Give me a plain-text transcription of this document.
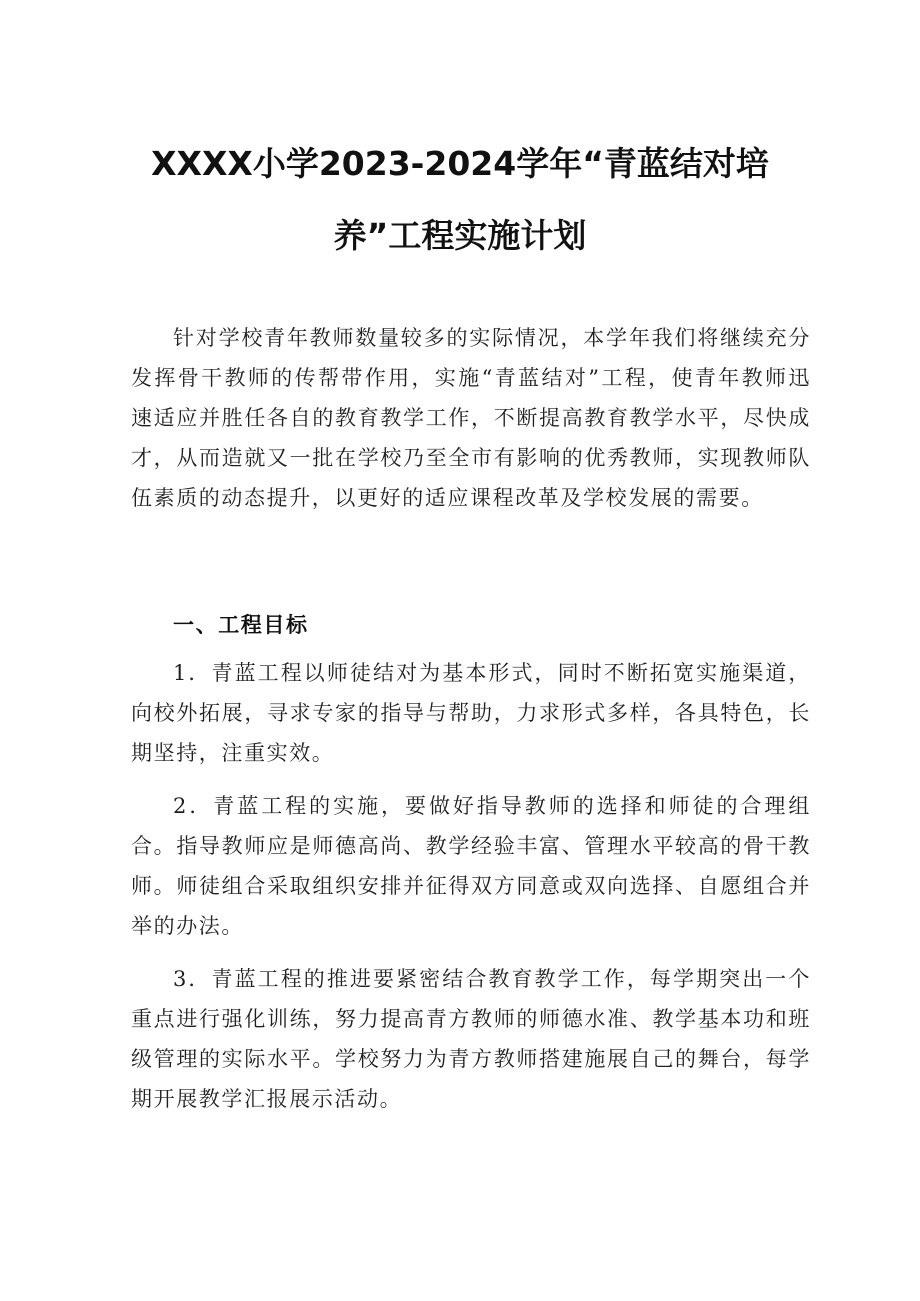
XXXX小学2023-2024学年“青蓝结对培
养”工程实施计划

针对学校青年教师数量较多的实际情况，本学年我们将继续充分发挥骨干教师的传帮带作用，实施“青蓝结对”工程，使青年教师迅速适应并胜任各自的教育教学工作，不断提高教育教学水平，尽快成才，从而造就又一批在学校乃至全市有影响的优秀教师，实现教师队伍素质的动态提升，以更好的适应课程改革及学校发展的需要。

一、工程目标

1．青蓝工程以师徒结对为基本形式，同时不断拓宽实施渠道，向校外拓展，寻求专家的指导与帮助，力求形式多样，各具特色，长期坚持，注重实效。

2．青蓝工程的实施，要做好指导教师的选择和师徒的合理组合。指导教师应是师德高尚、教学经验丰富、管理水平较高的骨干教师。师徒组合采取组织安排并征得双方同意或双向选择、自愿组合并举的办法。

3．青蓝工程的推进要紧密结合教育教学工作，每学期突出一个重点进行强化训练，努力提高青方教师的师德水准、教学基本功和班级管理的实际水平。学校努力为青方教师搭建施展自己的舞台，每学期开展教学汇报展示活动。
